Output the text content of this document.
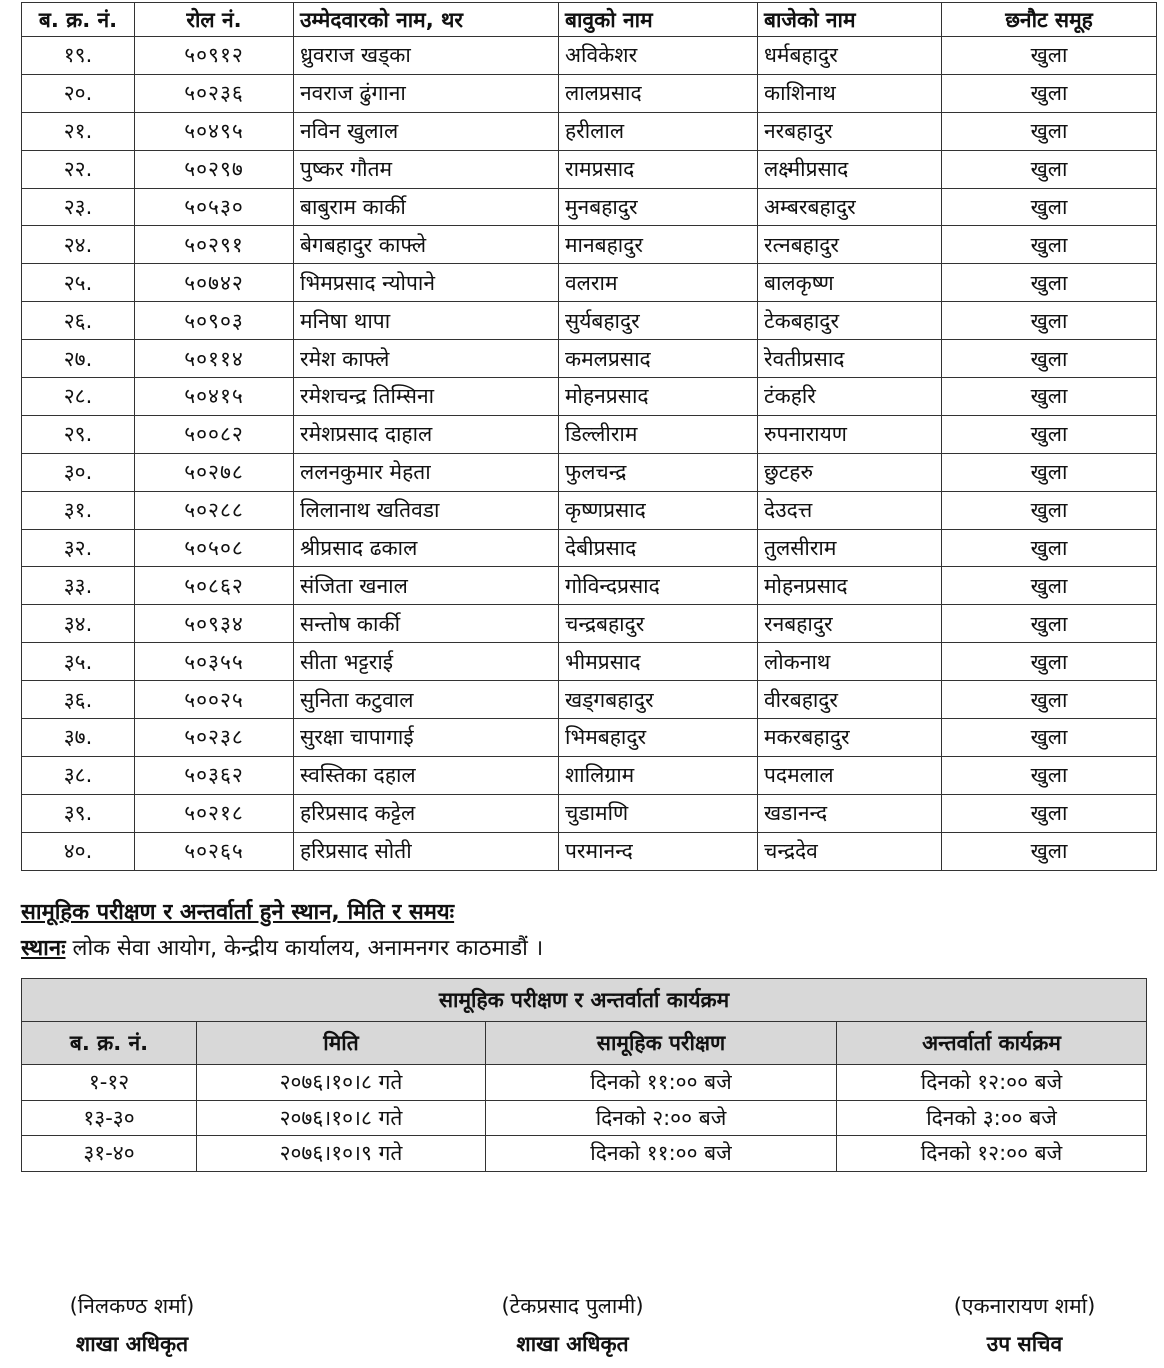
ब. क्र. नं.	रोल नं.	उम्मेदवारको नाम, थर	बावुको नाम	बाजेको नाम	छनौट समूह
१९.	५०९१२	ध्रुवराज खड्का	अविकेशर	धर्मबहादुर	खुला
२०.	५०२३६	नवराज ढुंगाना	लालप्रसाद	काशिनाथ	खुला
२१.	५०४९५	नविन खुलाल	हरीलाल	नरबहादुर	खुला
२२.	५०२९७	पुष्कर गौतम	रामप्रसाद	लक्ष्मीप्रसाद	खुला
२३.	५०५३०	बाबुराम कार्की	मुनबहादुर	अम्बरबहादुर	खुला
२४.	५०२९१	बेगबहादुर काफ्ले	मानबहादुर	रत्नबहादुर	खुला
२५.	५०७४२	भिमप्रसाद न्योपाने	वलराम	बालकृष्ण	खुला
२६.	५०९०३	मनिषा थापा	सुर्यबहादुर	टेकबहादुर	खुला
२७.	५०११४	रमेश काफ्ले	कमलप्रसाद	रेवतीप्रसाद	खुला
२८.	५०४१५	रमेशचन्द्र तिम्सिना	मोहनप्रसाद	टंकहरि	खुला
२९.	५००८२	रमेशप्रसाद दाहाल	डिल्लीराम	रुपनारायण	खुला
३०.	५०२७८	ललनकुमार मेहता	फुलचन्द्र	छुटहरु	खुला
३१.	५०२८८	लिलानाथ खतिवडा	कृष्णप्रसाद	देउदत्त	खुला
३२.	५०५०८	श्रीप्रसाद ढकाल	देबीप्रसाद	तुलसीराम	खुला
३३.	५०८६२	संजिता खनाल	गोविन्दप्रसाद	मोहनप्रसाद	खुला
३४.	५०९३४	सन्तोष कार्की	चन्द्रबहादुर	रनबहादुर	खुला
३५.	५०३५५	सीता भट्टराई	भीमप्रसाद	लोकनाथ	खुला
३६.	५००२५	सुनिता कटुवाल	खड्गबहादुर	वीरबहादुर	खुला
३७.	५०२३८	सुरक्षा चापागाई	भिमबहादुर	मकरबहादुर	खुला
३८.	५०३६२	स्वस्तिका दहाल	शालिग्राम	पदमलाल	खुला
३९.	५०२१८	हरिप्रसाद कट्टेल	चुडामणि	खडानन्द	खुला
४०.	५०२६५	हरिप्रसाद सोती	परमानन्द	चन्द्रदेव	खुला
सामूहिक परीक्षण र अन्तर्वार्ता हुने स्थान, मिति र समयः
स्थानः लोक सेवा आयोग, केन्द्रीय कार्यालय, अनामनगर काठमाडौं ।
सामूहिक परीक्षण र अन्तर्वार्ता कार्यक्रम			
ब. क्र. नं.	मिति	सामूहिक परीक्षण	अन्तर्वार्ता कार्यक्रम
१-१२	२०७६।१०।८ गते	दिनको ११:०० बजे	दिनको १२:०० बजे
१३-३०	२०७६।१०।८ गते	दिनको २:०० बजे	दिनको ३:०० बजे
३१-४०	२०७६।१०।९ गते	दिनको ११:०० बजे	दिनको १२:०० बजे
(निलकण्ठ शर्मा)
शाखा अधिकृत
(टेकप्रसाद पुलामी)
शाखा अधिकृत
(एकनारायण शर्मा)
उप सचिव
